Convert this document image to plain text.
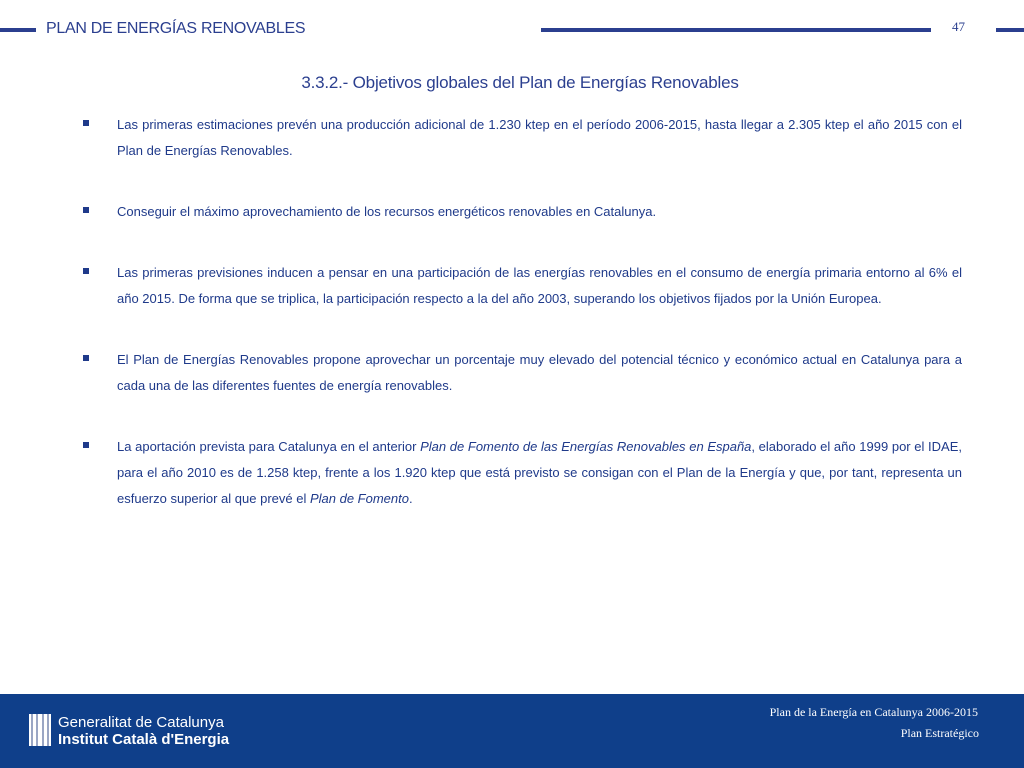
PLAN DE ENERGÍAS RENOVABLES	47
3.3.2.- Objetivos globales del Plan de Energías Renovables
Las primeras estimaciones prevén una producción adicional de 1.230 ktep en el período 2006-2015, hasta llegar a 2.305 ktep el año 2015 con el Plan de Energías Renovables.
Conseguir el máximo aprovechamiento de los recursos energéticos renovables en Catalunya.
Las primeras previsiones inducen a pensar en una participación de las energías renovables en el consumo de energía primaria entorno al 6% el año 2015. De forma que se triplica, la participación respecto a la del año 2003, superando los objetivos fijados por la Unión Europea.
El Plan de Energías Renovables propone aprovechar un porcentaje muy elevado del potencial técnico y económico actual en Catalunya para a cada una de las diferentes fuentes de energía renovables.
La aportación prevista para Catalunya en el anterior Plan de Fomento de las Energías Renovables en España, elaborado el año 1999 por el IDAE, para el año 2010 es de 1.258 ktep, frente a los 1.920 ktep que está previsto se consigan con el Plan de la Energía y que, por tant, representa un esfuerzo superior al que prevé el Plan de Fomento.
Generalitat de Catalunya
Institut Català d'Energia
Plan de la Energía en Catalunya 2006-2015
Plan Estratégico
